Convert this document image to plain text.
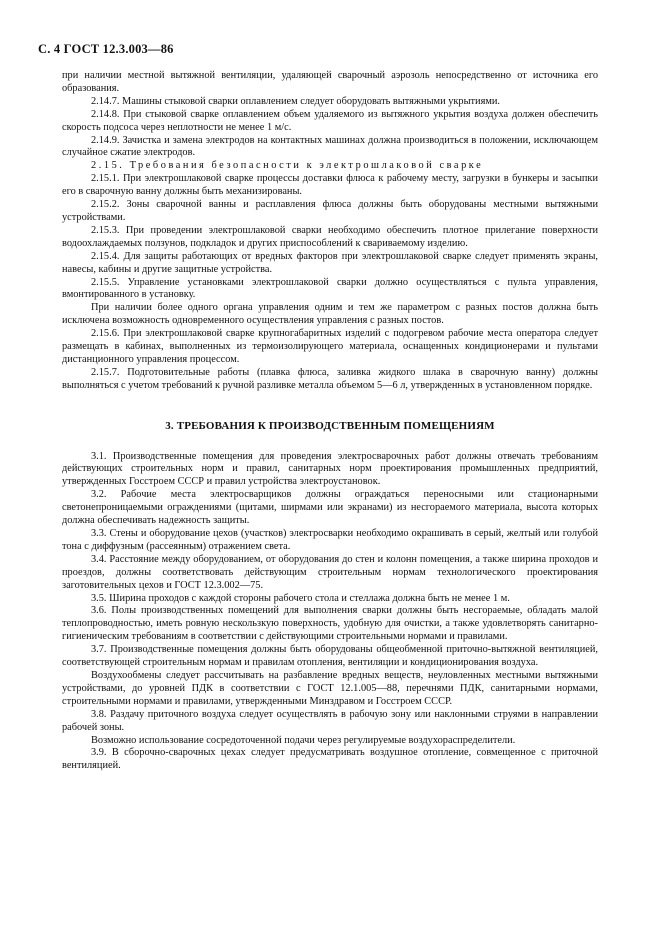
С. 4 ГОСТ 12.3.003—86

при наличии местной вытяжной вентиляции, удаляющей сварочный аэрозоль непосредственно от источника его образования.

2.14.7. Машины стыковой сварки оплавлением следует оборудовать вытяжными укрытиями.

2.14.8. При стыковой сварке оплавлением объем удаляемого из вытяжного укрытия воздуха должен обеспечить скорость подсоса через неплотности не менее 1 м/с.

2.14.9. Зачистка и замена электродов на контактных машинах должна производиться в положении, исключающем случайное сжатие электродов.

2.15. Требования безопасности к электрошлаковой сварке

2.15.1. При электрошлаковой сварке процессы доставки флюса к рабочему месту, загрузки в бункеры и засыпки его в сварочную ванну должны быть механизированы.

2.15.2. Зоны сварочной ванны и расплавления флюса должны быть оборудованы местными вытяжными устройствами.

2.15.3. При проведении электрошлаковой сварки необходимо обеспечить плотное прилегание поверхности водоохлаждаемых ползунов, подкладок и других приспособлений к свариваемому изделию.

2.15.4. Для защиты работающих от вредных факторов при электрошлаковой сварке следует применять экраны, навесы, кабины и другие защитные устройства.

2.15.5. Управление установками электрошлаковой сварки должно осуществляться с пульта управления, вмонтированного в установку.

При наличии более одного органа управления одним и тем же параметром с разных постов должна быть исключена возможность одновременного осуществления управления с разных постов.

2.15.6. При электрошлаковой сварке крупногабаритных изделий с подогревом рабочие места оператора следует размещать в кабинах, выполненных из термоизолирующего материала, оснащенных кондиционерами и пультами дистанционного управления процессом.

2.15.7. Подготовительные работы (плавка флюса, заливка жидкого шлака в сварочную ванну) должны выполняться с учетом требований к ручной разливке металла объемом 5—6 л, утвержденных в установленном порядке.

3. ТРЕБОВАНИЯ К ПРОИЗВОДСТВЕННЫМ ПОМЕЩЕНИЯМ

3.1. Производственные помещения для проведения электросварочных работ должны отвечать требованиям действующих строительных норм и правил, санитарных норм проектирования промышленных предприятий, утвержденных Госстроем СССР и правил устройства электроустановок.

3.2. Рабочие места электросварщиков должны ограждаться переносными или стационарными светонепроницаемыми ограждениями (щитами, ширмами или экранами) из несгораемого материала, высота которых должна обеспечивать надежность защиты.

3.3. Стены и оборудование цехов (участков) электросварки необходимо окрашивать в серый, желтый или голубой тона с диффузным (рассеянным) отражением света.

3.4. Расстояние между оборудованием, от оборудования до стен и колонн помещения, а также ширина проходов и проездов, должны соответствовать действующим строительным нормам технологического проектирования заготовительных цехов и ГОСТ 12.3.002—75.

3.5. Ширина проходов с каждой стороны рабочего стола и стеллажа должна быть не менее 1 м.

3.6. Полы производственных помещений для выполнения сварки должны быть несгораемые, обладать малой теплопроводностью, иметь ровную нескользкую поверхность, удобную для очистки, а также удовлетворять санитарно-гигиеническим требованиям в соответствии с действующими строительными нормами и правилами.

3.7. Производственные помещения должны быть оборудованы общеобменной приточно-вытяжной вентиляцией, соответствующей строительным нормам и правилам отопления, вентиляции и кондиционирования воздуха.

Воздухообмены следует рассчитывать на разбавление вредных веществ, неуловленных местными вытяжными устройствами, до уровней ПДК в соответствии с ГОСТ 12.1.005—88, перечнями ПДК, санитарными нормами, строительными нормами и правилами, утвержденными Минздравом и Госстроем СССР.

3.8. Раздачу приточного воздуха следует осуществлять в рабочую зону или наклонными струями в направлении рабочей зоны.

Возможно использование сосредоточенной подачи через регулируемые воздухораспределители.

3.9. В сборочно-сварочных цехах следует предусматривать воздушное отопление, совмещенное с приточной вентиляцией.
